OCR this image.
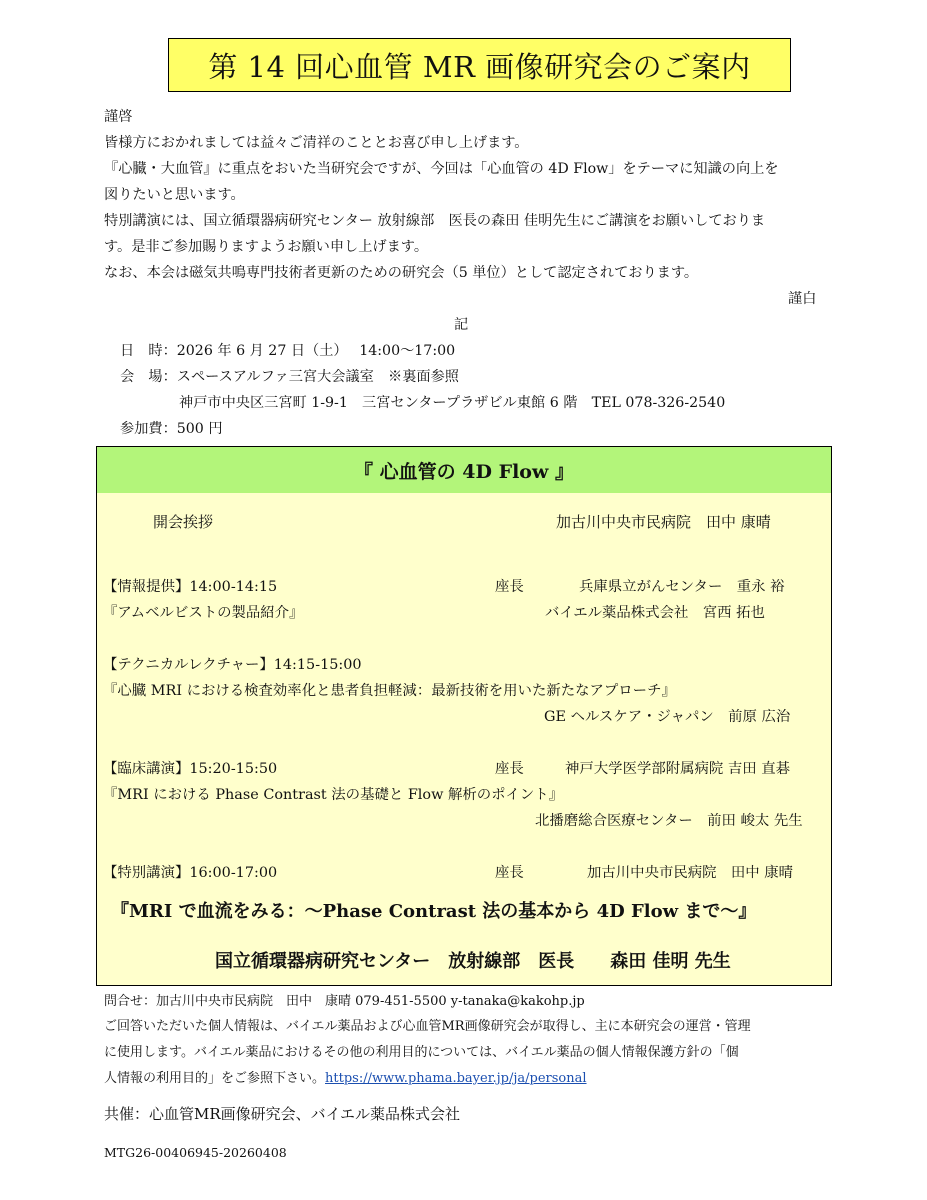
第 14 回心血管 MR 画像研究会のご案内
謹啓
皆様方におかれましては益々ご清祥のこととお喜び申し上げます。
『心臓・大血管』に重点をおいた当研究会ですが、今回は「心血管の 4D Flow」をテーマに知識の向上を
図りたいと思います。
特別講演には、国立循環器病研究センター 放射線部　医長の森田 佳明先生にご講演をお願いしておりま
す。是非ご参加賜りますようお願い申し上げます。
なお、本会は磁気共鳴専門技術者更新のための研究会（5 単位）として認定されております。
謹白
記
日　時：2026 年 6 月 27 日（土）　 14:00～17:00
会　場：スペースアルファ三宮大会議室　※裏面参照
神戸市中央区三宮町 1-9-1　三宮センタープラザビル東館 6 階　TEL 078-326-2540
参加費：500 円
『 心血管の 4D Flow 』
開会挨拶	加古川中央市民病院　田中 康晴
【情報提供】14:00-14:15	座長	兵庫県立がんセンター　重永 裕
『アムベルビストの製品紹介』	バイエル薬品株式会社　宮西 拓也
【テクニカルレクチャー】14:15-15:00
『心臓 MRI における検査効率化と患者負担軽減：最新技術を用いた新たなアプローチ』
GE ヘルスケア・ジャパン　前原 広治
【臨床講演】15:20-15:50	座長	神戸大学医学部附属病院 吉田 直碁
『MRI における Phase Contrast 法の基礎と Flow 解析のポイント』
北播磨総合医療センター　前田 峻太 先生
【特別講演】16:00-17:00	座長	加古川中央市民病院　田中 康晴
『MRI で血流をみる：～Phase Contrast 法の基本から 4D Flow まで～』
国立循環器病研究センター　放射線部　医長　　森田 佳明 先生
問合せ：加古川中央市民病院　田中　康晴 079-451-5500 y-tanaka@kakohp.jp
ご回答いただいた個人情報は、バイエル薬品および心血管MR画像研究会が取得し、主に本研究会の運営・管理
に使用します。バイエル薬品におけるその他の利用目的については、バイエル薬品の個人情報保護方針の「個
人情報の利用目的」をご参照下さい。https://www.phama.bayer.jp/ja/personal
共催：心血管MR画像研究会、バイエル薬品株式会社
MTG26-00406945-20260408
